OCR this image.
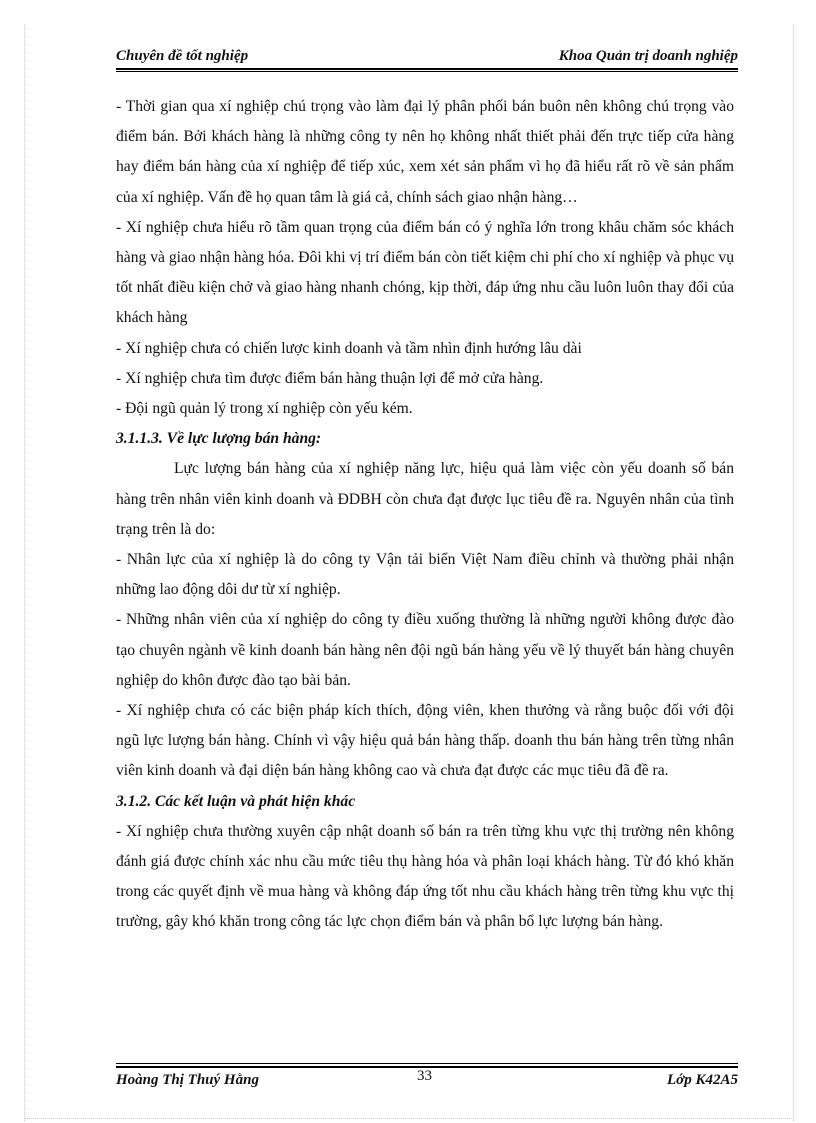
Chuyên đề tốt nghiệp	Khoa Quản trị doanh nghiệp

- Thời gian qua xí nghiệp chú trọng vào làm đại lý phân phối bán buôn nên không chú trọng vào điểm bán. Bởi khách hàng là những công ty nên họ không nhất thiết phải đến trực tiếp cửa hàng hay điểm bán hàng của xí nghiệp để tiếp xúc, xem xét sản phẩm vì họ đã hiểu rất rõ về sản phẩm của xí nghiệp. Vấn đề họ quan tâm là giá cả, chính sách giao nhận hàng…

- Xí nghiệp chưa hiểu rõ tầm quan trọng của điểm bán có ý nghĩa lớn trong khâu chăm sóc khách hàng và giao nhận hàng hóa. Đôi khi vị trí điểm bán còn tiết kiệm chi phí cho xí nghiệp và phục vụ tốt nhất điều kiện chở và giao hàng nhanh chóng, kịp thời, đáp ứng nhu cầu luôn luôn thay đổi của khách hàng

- Xí nghiệp chưa có chiến lược kinh doanh và tầm nhìn định hướng lâu dài

- Xí nghiệp chưa tìm được điểm bán hàng thuận lợi để mở cửa hàng.

- Đội ngũ quản lý trong xí nghiệp còn yếu kém.

3.1.1.3. Về lực lượng bán hàng:

Lực lượng bán hàng của xí nghiệp năng lực, hiệu quả làm việc còn yếu doanh số bán hàng trên nhân viên kinh doanh và ĐDBH còn chưa đạt được lục tiêu đề ra. Nguyên nhân của tình trạng trên là do:

- Nhân lực của xí nghiệp là do công ty Vận tải biển Việt Nam điều chỉnh và thường phải nhận những lao động dôi dư từ xí nghiệp.

- Những nhân viên của xí nghiệp do công ty điều xuống thường là những người không được đào tạo chuyên ngành về kinh doanh bán hàng nên đội ngũ bán hàng yếu về lý thuyết bán hàng chuyên nghiệp do khôn được đào tạo bài bản.

- Xí nghiệp chưa có các biện pháp kích thích, động viên, khen thưởng và rằng buộc đối với đội ngũ lực lượng bán hàng. Chính vì vậy hiệu quả bán hàng thấp. doanh thu bán hàng trên từng nhân viên kinh doanh và đại diện bán hàng không cao và chưa đạt được các mục tiêu đã đề ra.

3.1.2. Các kết luận và phát hiện khác

- Xí nghiệp chưa thường xuyên cập nhật doanh số bán ra trên từng khu vực thị trường nên không đánh giá được chính xác nhu cầu mức tiêu thụ hàng hóa và phân loại khách hàng. Từ đó khó khăn trong các quyết định về mua hàng và không đáp ứng tốt nhu cầu khách hàng trên từng khu vực thị trường, gây khó khăn trong công tác lực chọn điểm bán và phân bổ lực lượng bán hàng.

Hoàng Thị Thuý Hằng	33	Lớp K42A5
